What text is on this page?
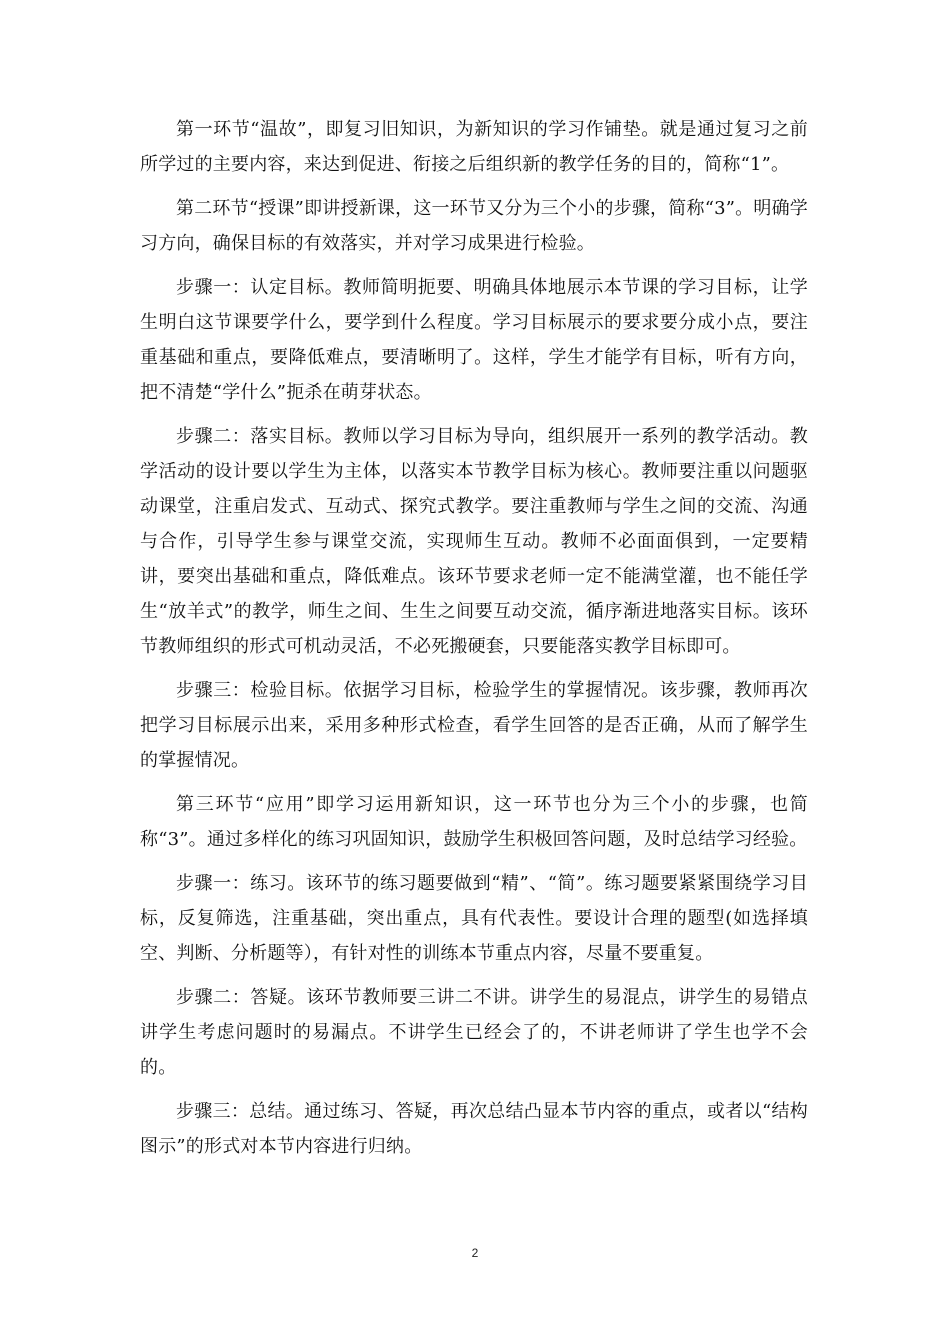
第一环节“温故”，即复习旧知识，为新知识的学习作铺垫。就是通过复习之前所学过的主要内容，来达到促进、衔接之后组织新的教学任务的目的，简称“1”。

第二环节“授课”即讲授新课，这一环节又分为三个小的步骤，简称“3”。明确学习方向，确保目标的有效落实，并对学习成果进行检验。

步骤一：认定目标。教师简明扼要、明确具体地展示本节课的学习目标，让学生明白这节课要学什么，要学到什么程度。学习目标展示的要求要分成小点，要注重基础和重点，要降低难点，要清晰明了。这样，学生才能学有目标，听有方向，把不清楚“学什么”扼杀在萌芽状态。

步骤二：落实目标。教师以学习目标为导向，组织展开一系列的教学活动。教学活动的设计要以学生为主体，以落实本节教学目标为核心。教师要注重以问题驱动课堂，注重启发式、互动式、探究式教学。要注重教师与学生之间的交流、沟通与合作，引导学生参与课堂交流，实现师生互动。教师不必面面俱到，一定要精讲，要突出基础和重点，降低难点。该环节要求老师一定不能满堂灌，也不能任学生“放羊式”的教学，师生之间、生生之间要互动交流，循序渐进地落实目标。该环节教师组织的形式可机动灵活，不必死搬硬套，只要能落实教学目标即可。

步骤三：检验目标。依据学习目标，检验学生的掌握情况。该步骤，教师再次把学习目标展示出来，采用多种形式检查，看学生回答的是否正确，从而了解学生的掌握情况。

第三环节“应用”即学习运用新知识，这一环节也分为三个小的步骤，也简称“3”。通过多样化的练习巩固知识，鼓励学生积极回答问题，及时总结学习经验。

步骤一：练习。该环节的练习题要做到“精”、“简”。练习题要紧紧围绕学习目标，反复筛选，注重基础，突出重点，具有代表性。要设计合理的题型(如选择填空、判断、分析题等），有针对性的训练本节重点内容，尽量不要重复。

步骤二：答疑。该环节教师要三讲二不讲。讲学生的易混点，讲学生的易错点讲学生考虑问题时的易漏点。不讲学生已经会了的，不讲老师讲了学生也学不会的。

步骤三：总结。通过练习、答疑，再次总结凸显本节内容的重点，或者以“结构图示”的形式对本节内容进行归纳。

2
